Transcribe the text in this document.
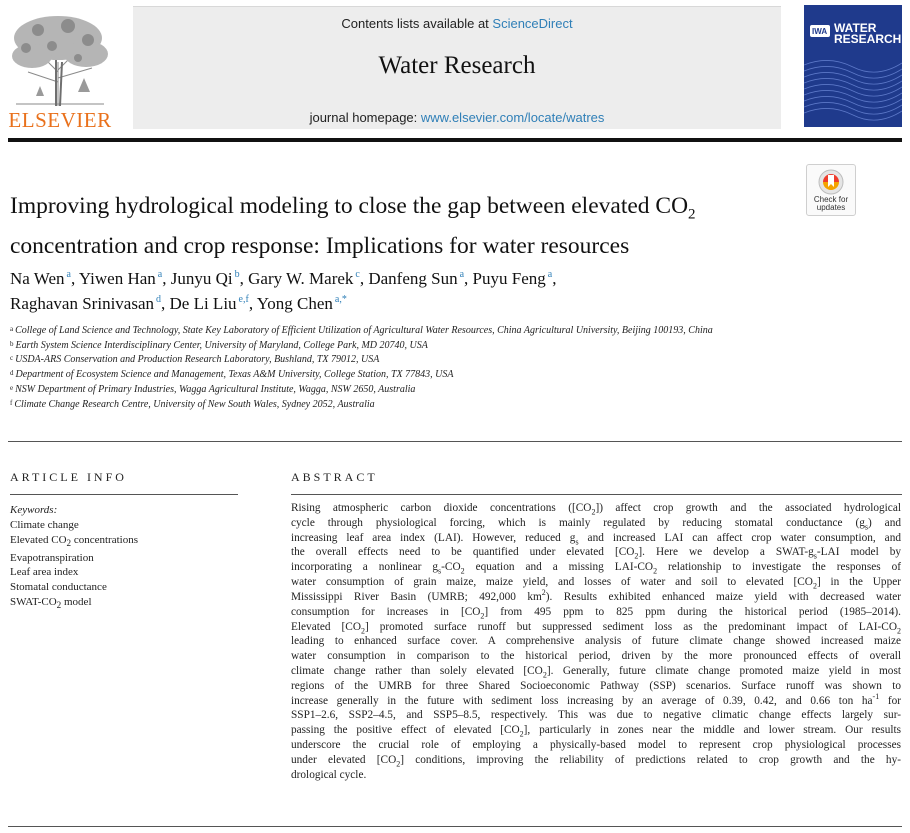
ELSEVIER
Contents lists available at ScienceDirect
Water Research
journal homepage: www.elsevier.com/locate/watres
IWA WATER
RESEARCH
Check for
updates
Improving hydrological modeling to close the gap between elevated $CO_2$
concentration and crop response: Implications for water resources
Na Wen $^a$, Yiwen Han $^a$, Junyu Qi $^b$, Gary W. Marek $^c$, Danfeng Sun $^a$, Puyu Feng $^a$,
Raghavan Srinivasan $^d$, De Li Liu $^{e,f}$, Yong Chen $^{a,*}$
$^a$ College of Land Science and Technology, State Key Laboratory of Efficient Utilization of Agricultural Water Resources, China Agricultural University, Beijing 100193, China
$^b$ Earth System Science Interdisciplinary Center, University of Maryland, College Park, MD 20740, USA
$^c$ USDA-ARS Conservation and Production Research Laboratory, Bushland, TX 79012, USA
$^d$ Department of Ecosystem Science and Management, Texas A&M University, College Station, TX 77843, USA
$^e$ NSW Department of Primary Industries, Wagga Agricultural Institute, Wagga, NSW 2650, Australia
$^f$ Climate Change Research Centre, University of New South Wales, Sydney 2052, Australia
ARTICLE INFO
Keywords:
Climate change
Elevated $CO_2$ concentrations
Evapotranspiration
Leaf area index
Stomatal conductance
SWAT-$CO_2$ model
ABSTRACT
Rising atmospheric carbon dioxide concentrations $([CO_2])$ affect crop growth and the associated hydrological
cycle through physiological forcing, which is mainly regulated by reducing stomatal conductance $(g_s)$ and
increasing leaf area index (LAI). However, reduced $g_s$ and increased LAI can affect crop water consumption, and
the overall effects need to be quantified under elevated $[CO_2]$. Here we develop a SWAT-$g_s$-LAI model by
incorporating a nonlinear $g_s-CO_2$ equation and a missing LAI-$CO_2$ relationship to investigate the responses of
water consumption of grain maize, maize yield, and losses of water and soil to elevated $[CO_2]$ in the Upper
Mississippi River Basin (UMRB; 492,000 $km^2$). Results exhibited enhanced maize yield with decreased water
consumption for increases in $[CO_2]$ from 495 ppm to 825 ppm during the historical period (1985–2014).
Elevated $[CO_2]$ promoted surface runoff but suppressed sediment loss as the predominant impact of LAI-$CO_2$
leading to enhanced surface cover. A comprehensive analysis of future climate change showed increased maize
water consumption in comparison to the historical period, driven by the more pronounced effects of overall
climate change rather than solely elevated $[CO_2]$. Generally, future climate change promoted maize yield in most
regions of the UMRB for three Shared Socioeconomic Pathway (SSP) scenarios. Surface runoff was shown to
increase generally in the future with sediment loss increasing by an average of 0.39, 0.42, and 0.66 ton $ha^{-1}$ for
SSP1–2.6, SSP2–4.5, and SSP5–8.5, respectively. This was due to negative climatic change effects largely sur-
passing the positive effect of elevated $[CO_2]$, particularly in zones near the middle and lower stream. Our results
underscore the crucial role of employing a physically-based model to represent crop physiological processes
under elevated $[CO_2]$ conditions, improving the reliability of predictions related to crop growth and the hy-
drological cycle.
